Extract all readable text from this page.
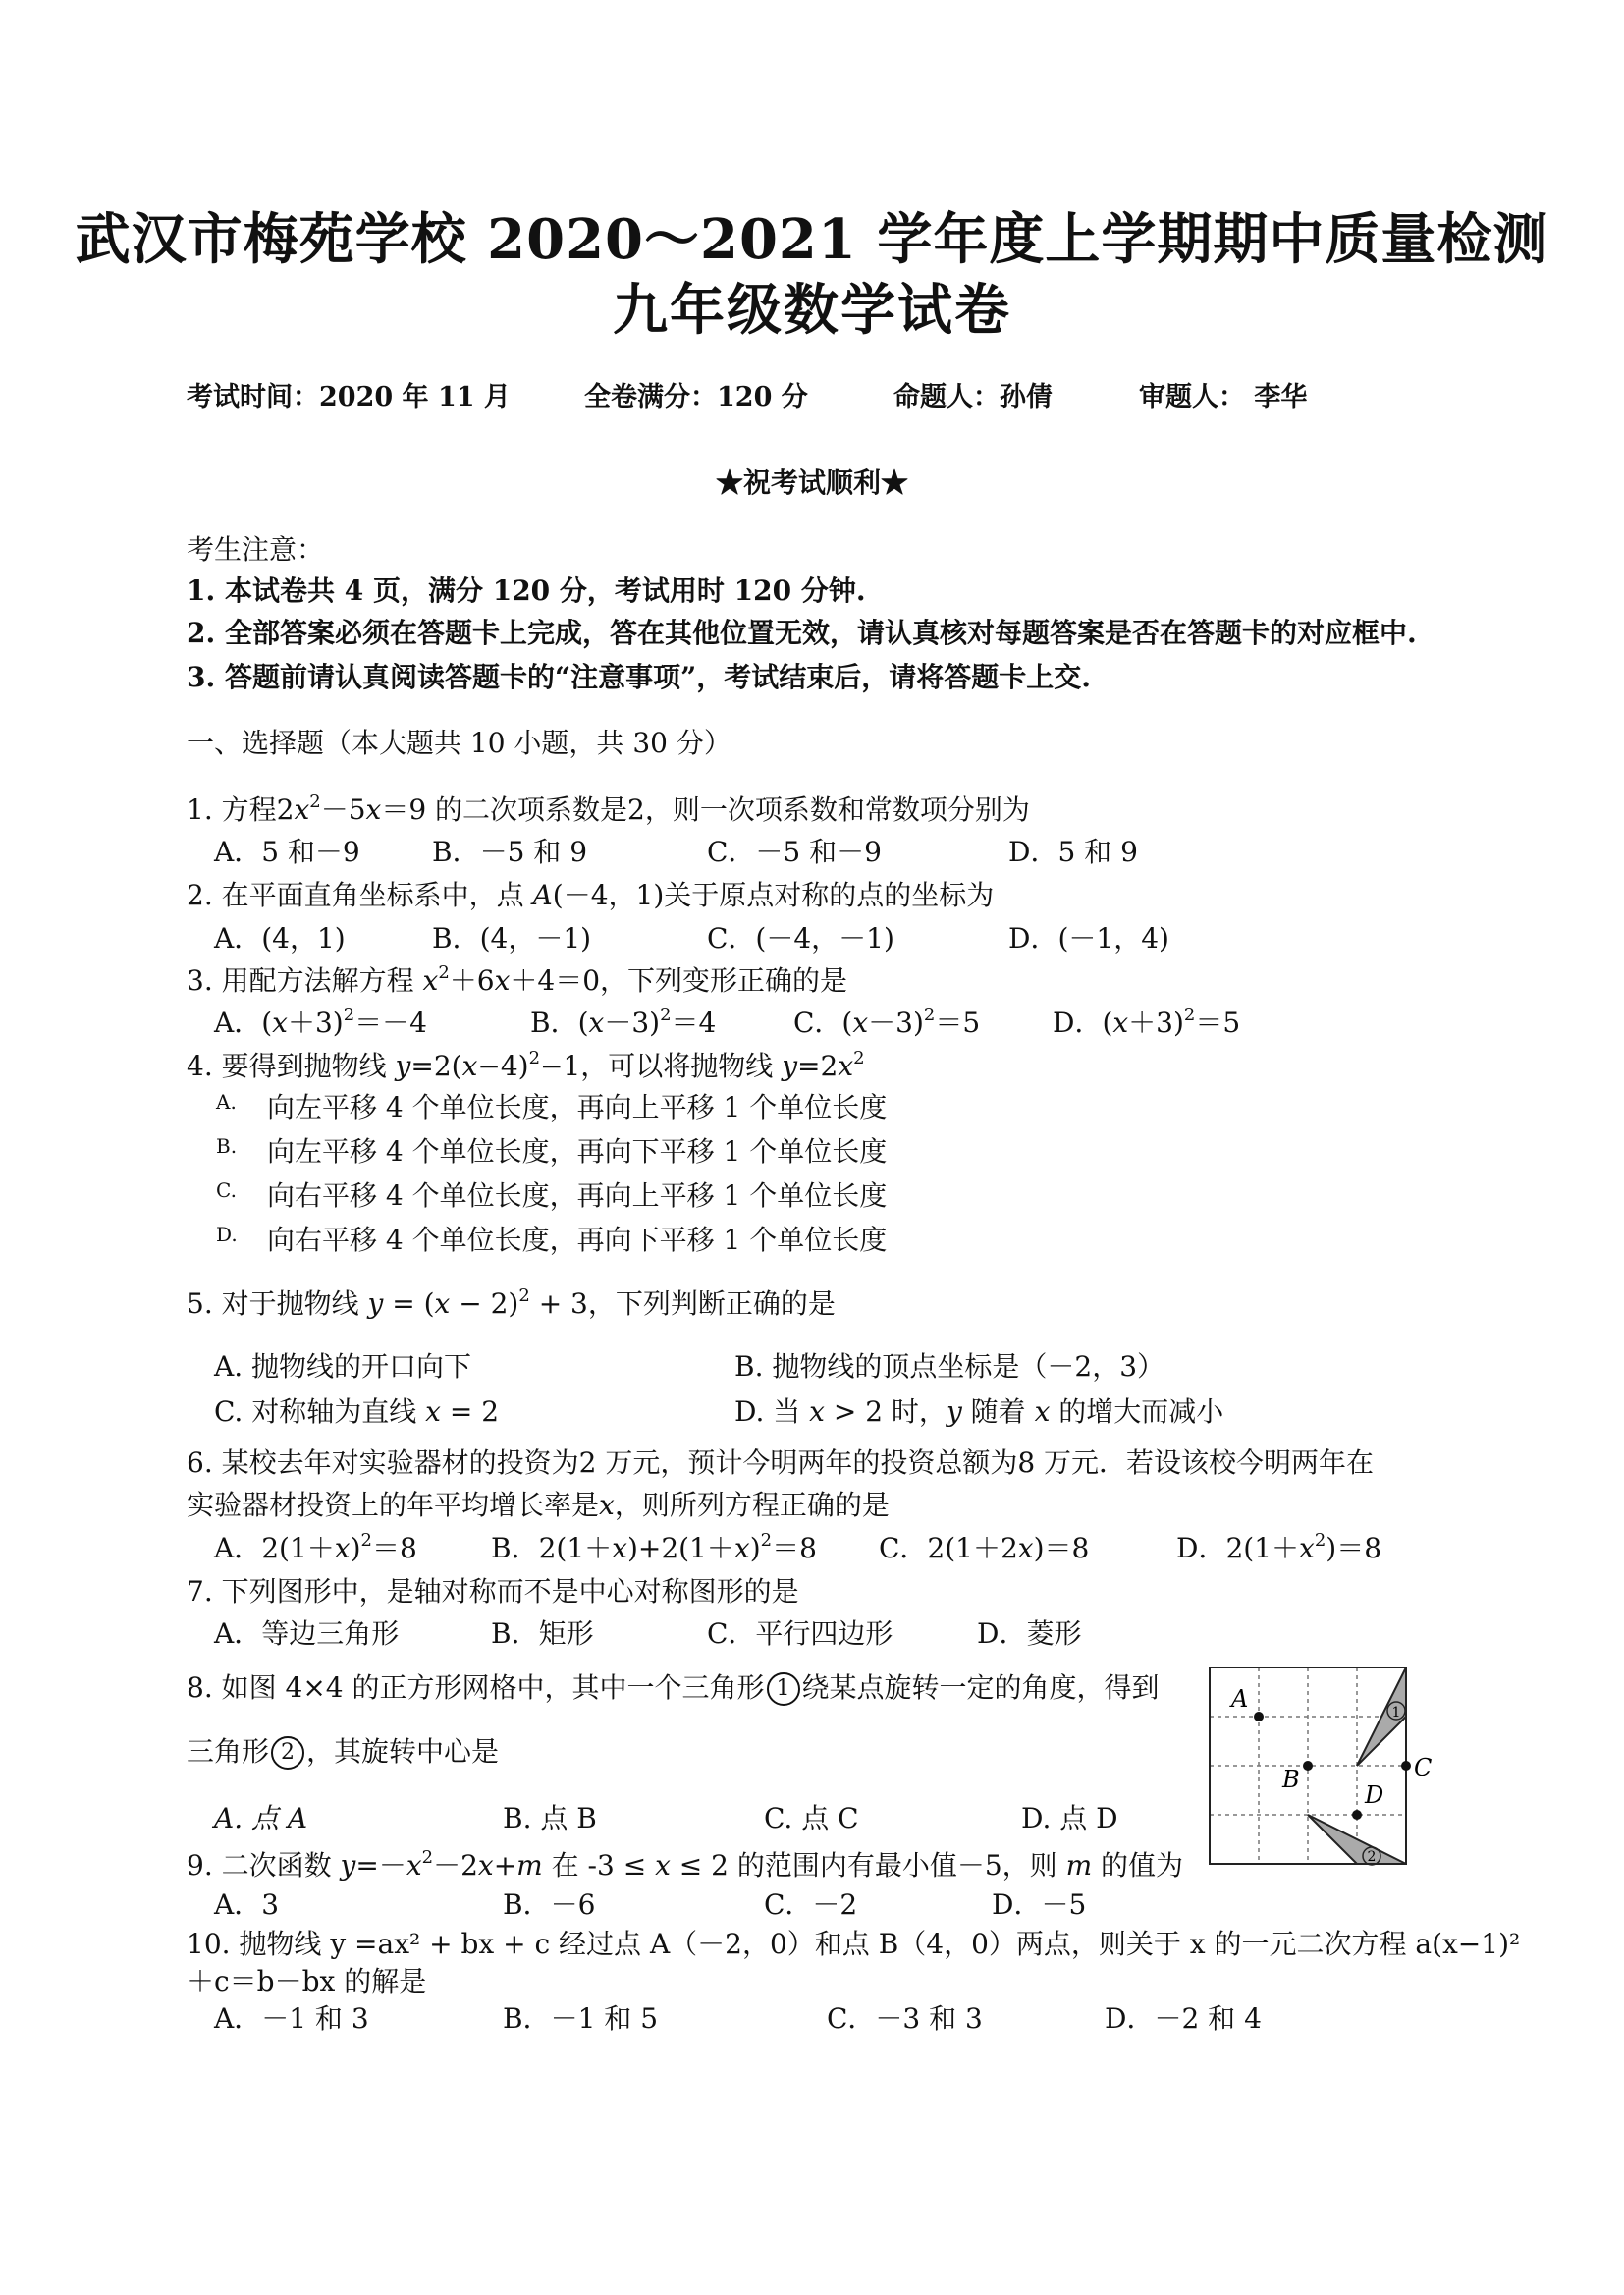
武汉市梅苑学校 2020～2021 学年度上学期期中质量检测
九年级数学试卷
考试时间：2020 年 11 月	全卷满分：120 分	命题人：孙倩	审题人： 李华
★祝考试顺利★
考生注意：
1. 本试卷共 4 页，满分 120 分，考试用时 120 分钟.
2. 全部答案必须在答题卡上完成，答在其他位置无效，请认真核对每题答案是否在答题卡的对应框中.
3. 答题前请认真阅读答题卡的“注意事项”，考试结束后，请将答题卡上交.
一、选择题（本大题共 10 小题，共 30 分）
1. 方程$2x^2-5x=9$ 的二次项系数是2，则一次项系数和常数项分别为
A．5 和－9	B．－5 和 9	C．－5 和－9	D．5 和 9
2. 在平面直角坐标系中，点 A(－4，1)关于原点对称的点的坐标为
A．(4，1)	B．(4，－1)	C．(－4，－1)	D．(－1，4)
3. 用配方法解方程 $x^2+6x+4=0$，下列变形正确的是
A．$(x+3)^2=-4$	B．$(x-3)^2=4$	C．$(x-3)^2=5$	D．$(x+3)^2=5$
4. 要得到抛物线 $y=2(x-4)^2-1$，可以将抛物线 $y=2x^2$
A. 向左平移 4 个单位长度，再向上平移 1 个单位长度
B. 向左平移 4 个单位长度，再向下平移 1 个单位长度
C. 向右平移 4 个单位长度，再向上平移 1 个单位长度
D. 向右平移 4 个单位长度，再向下平移 1 个单位长度
5. 对于抛物线 $y = (x - 2)^2 + 3$，下列判断正确的是
A. 抛物线的开口向下	B. 抛物线的顶点坐标是（－2，3）
C. 对称轴为直线 x = 2	D. 当 x > 2 时，y 随着 x 的增大而减小
6. 某校去年对实验器材的投资为2 万元，预计今明两年的投资总额为8 万元．若设该校今明两年在
实验器材投资上的年平均增长率是x，则所列方程正确的是
A．$2(1+x)^2=8$	B．$2(1+x)+2(1+x)^2=8$ C．2(1＋2x)＝8	D．$2(1+x^2)=8$
7. 下列图形中，是轴对称而不是中心对称图形的是
A．等边三角形	B．矩形	C．平行四边形	D．菱形
8. 如图 4×4 的正方形网格中，其中一个三角形 1 绕某点旋转一定的角度，得到
三角形 2 ，其旋转中心是
A. 点 A	B. 点 B	C. 点 C	D. 点 D
1
2
A
B	C
D
9. 二次函数 $y=-x^2-2x+m$ 在 -3 ≤ x ≤ 2 的范围内有最小值－5，则 m 的值为
A．3	B．－6	C．－2	D．－5
10. 抛物线 y =ax² + bx + c 经过点 A（－2，0）和点 B（4，0）两点，则关于 x 的一元二次方程 a(x−1)²
＋c＝b－bx 的解是
A．－1 和 3	B．－1 和 5	C．－3 和 3	D．－2 和 4
